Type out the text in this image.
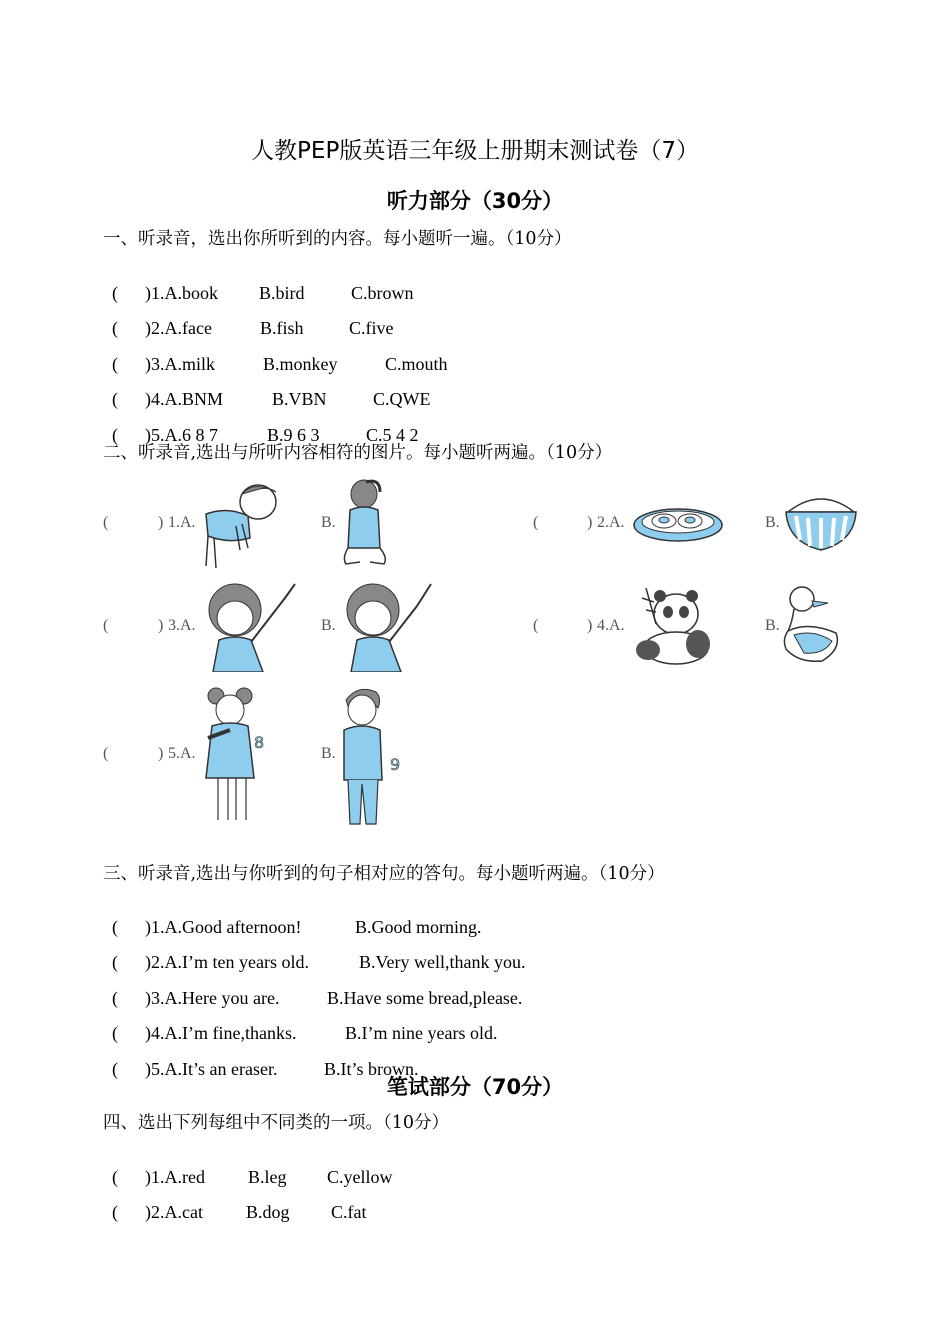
人教PEP版英语三年级上册期末测试卷（7）
听力部分（30分）
一、听录音，选出你所听到的内容。每小题听一遍。（10分）

( )1.A.book B.bird	C.brown

( )2.A.face	B.fish	C.five

( )3.A.milk	B.monkey	C.mouth

( )4.A.BNM	B.VBN	C.QWE

( )5.A.6 8 7	B.9 6 3	C.5 4 2

二、听录音,选出与所听内容相符的图片。每小题听两遍。（10分）
(	) 1.A.	B.	(	) 2.A.	B.
(	) 3.A.	B.	(	) 4.A.	B.
(	) 5.A.	B.
8
9
三、听录音,选出与你听到的句子相对应的答句。每小题听两遍。（10分）

( )1.A.Good afternoon!	B.Good morning.

( )2.A.I’m ten years old.	B.Very well,thank you.

( )3.A.Here you are.	B.Have some bread,please.

( )4.A.I’m fine,thanks.	B.I’m nine years old.

( )5.A.It’s an eraser.	B.It’s brown.

笔试部分（70分）
四、选出下列每组中不同类的一项。（10分）

( )1.A.red B.leg C.yellow

( )2.A.cat B.dog C.fat
